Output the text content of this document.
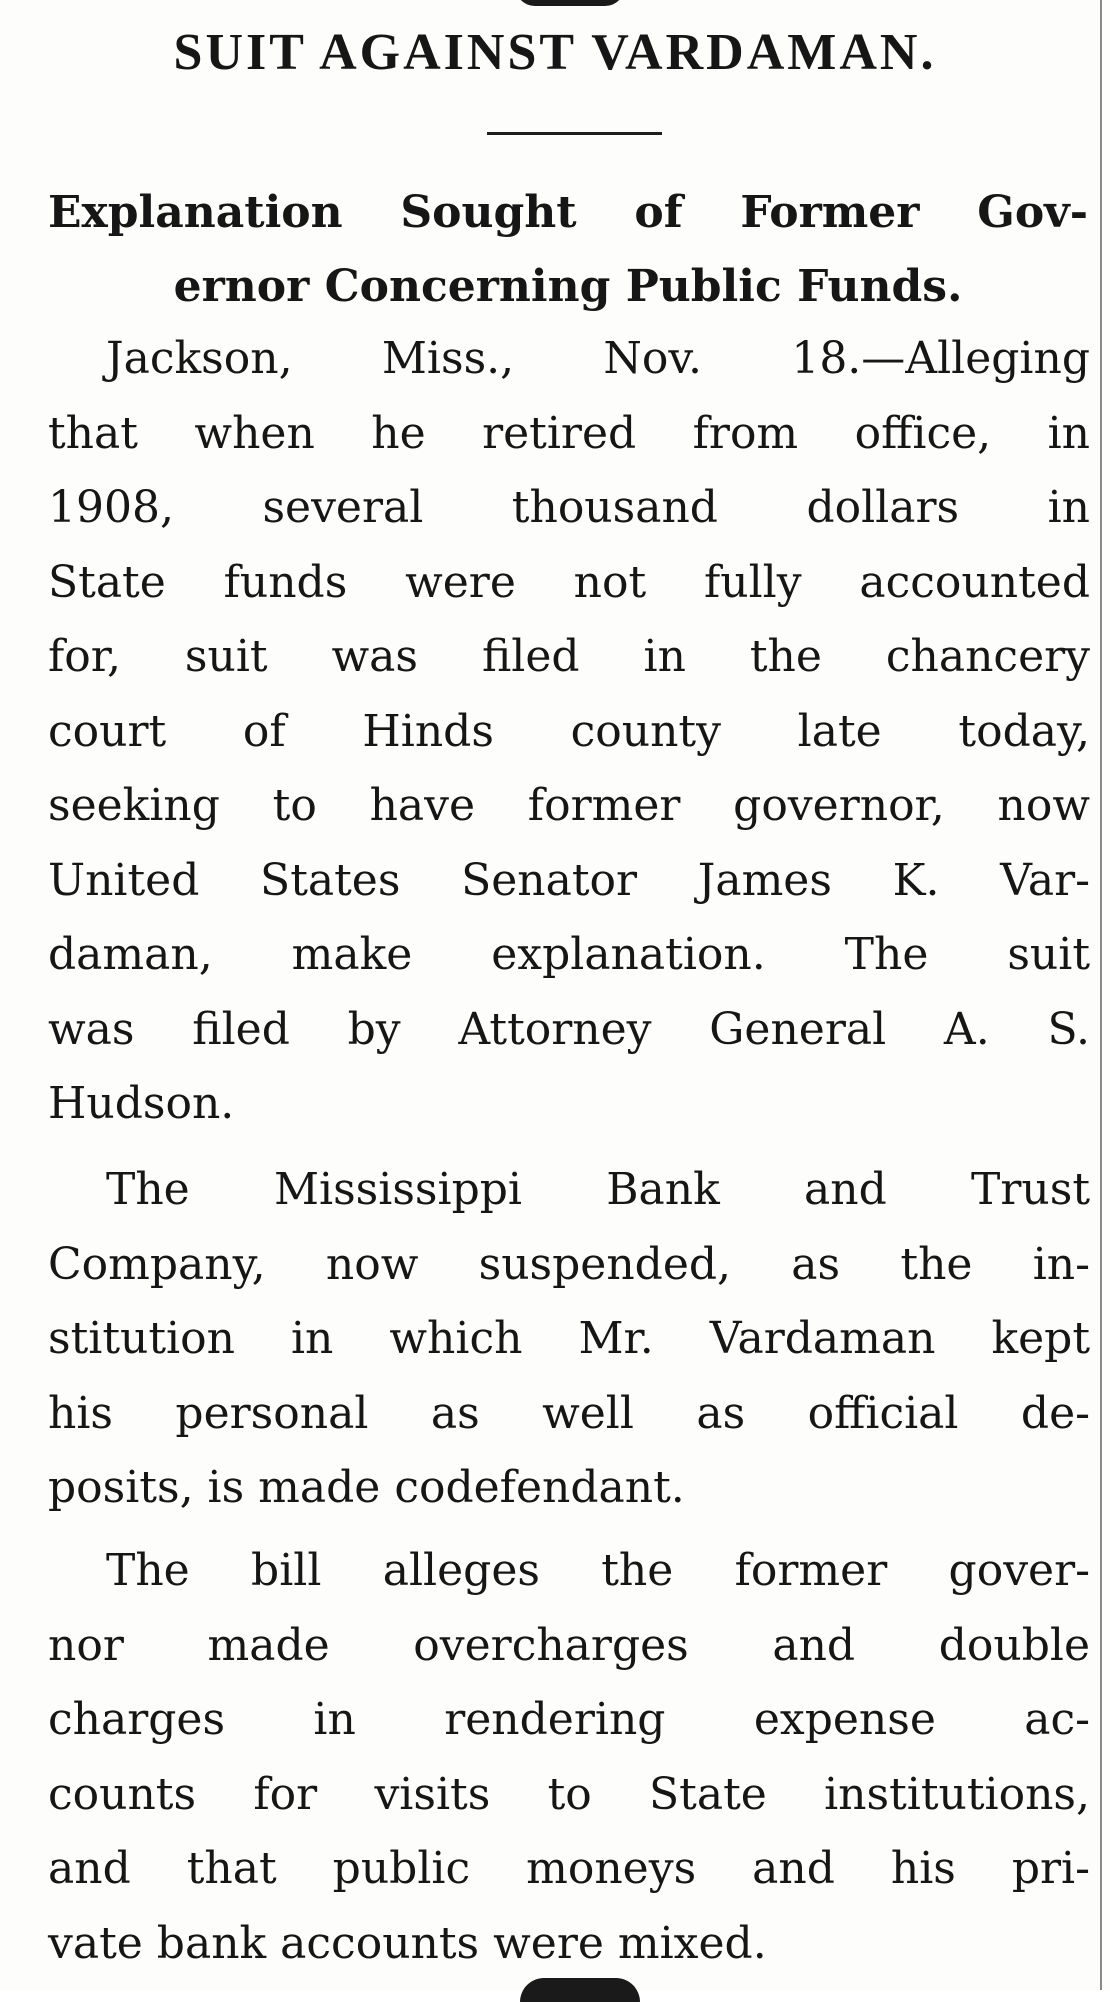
SUIT AGAINST VARDAMAN.
Explanation Sought of Former Gov-
ernor Concerning Public Funds.
Jackson, Miss., Nov. 18.—Alleging
that when he retired from office, in
1908, several thousand dollars in
State funds were not fully accounted
for, suit was filed in the chancery
court of Hinds county late today,
seeking to have former governor, now
United States Senator James K. Var-
daman, make explanation. The suit
was filed by Attorney General A. S.
Hudson.
The Mississippi Bank and Trust
Company, now suspended, as the in-
stitution in which Mr. Vardaman kept
his personal as well as official de-
posits, is made codefendant.
The bill alleges the former gover-
nor made overcharges and double
charges in rendering expense ac-
counts for visits to State institutions,
and that public moneys and his pri-
vate bank accounts were mixed.
